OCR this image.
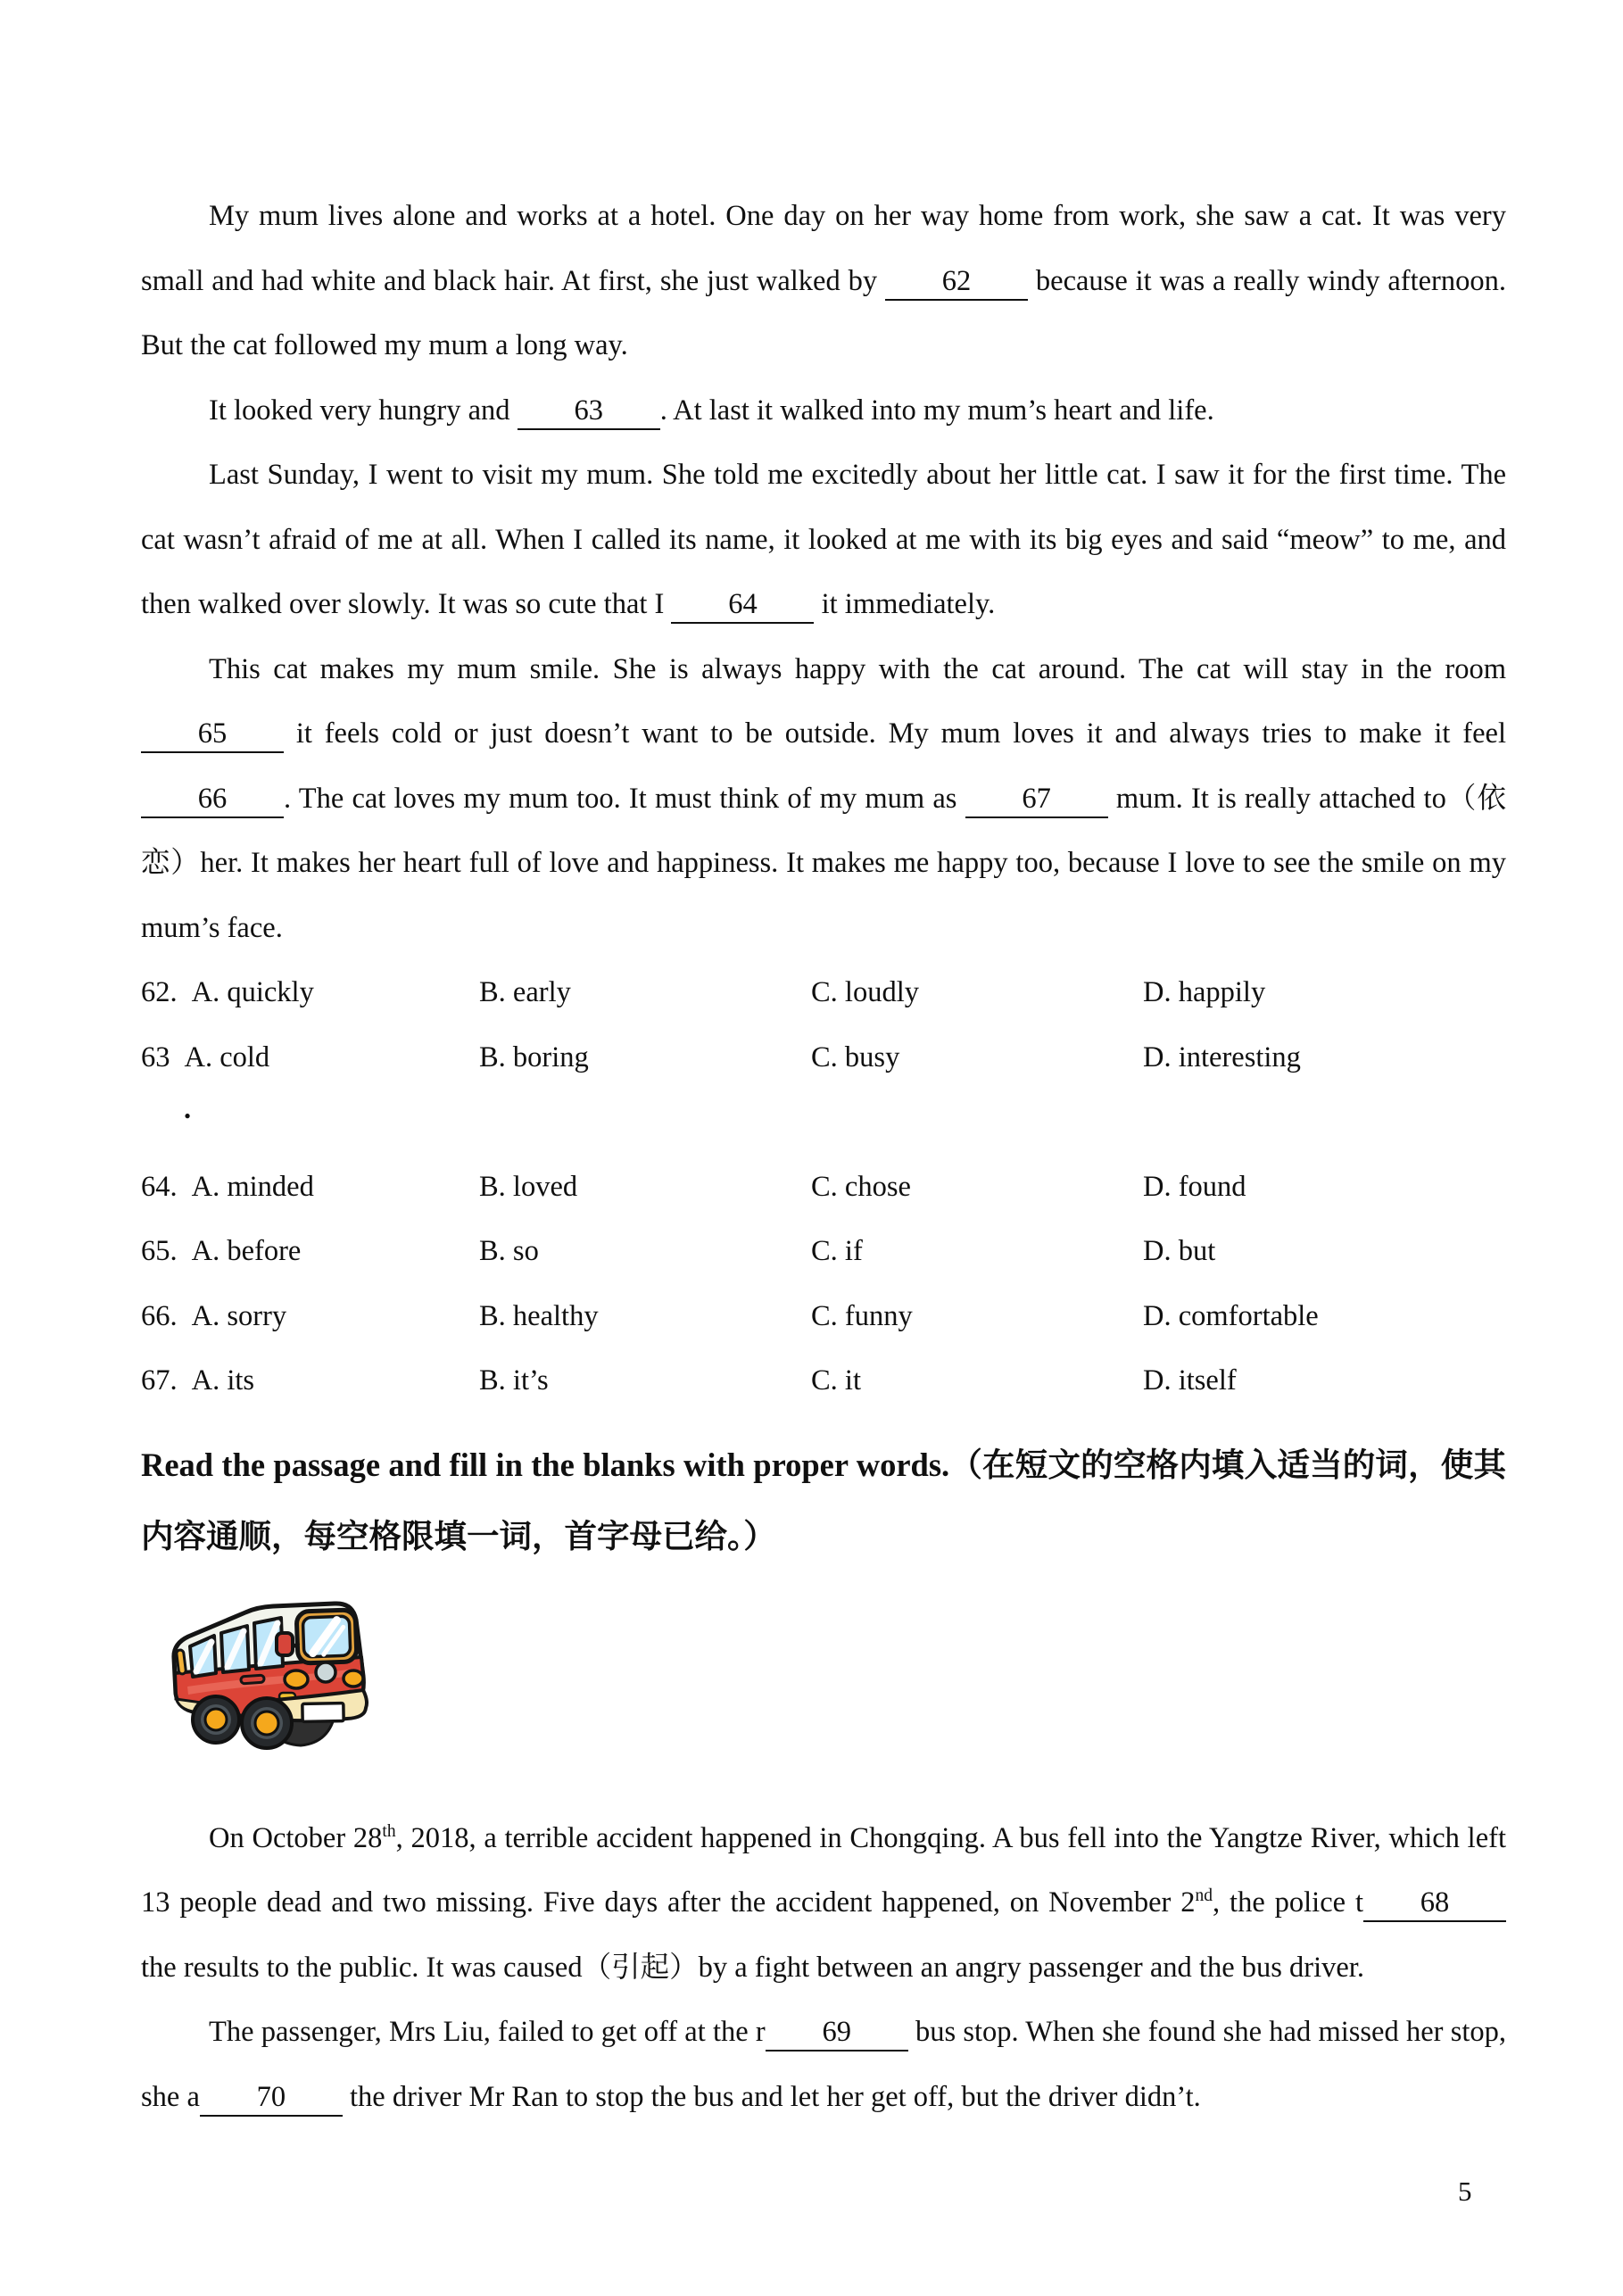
My mum lives alone and works at a hotel. One day on her way home from work, she saw a cat. It was very small and had white and black hair. At first, she just walked by 62 because it was a really windy afternoon. But the cat followed my mum a long way.

It looked very hungry and 63 . At last it walked into my mum’s heart and life.

Last Sunday, I went to visit my mum. She told me excitedly about her little cat. I saw it for the first time. The cat wasn’t afraid of me at all. When I called its name, it looked at me with its big eyes and said “meow” to me, and then walked over slowly. It was so cute that I 64 it immediately.

This cat makes my mum smile. She is always happy with the cat around. The cat will stay in the room 65 it feels cold or just doesn’t want to be outside. My mum loves it and always tries to make it feel 66 . The cat loves my mum too. It must think of my mum as 67 mum. It is really attached to（依恋）her. It makes her heart full of love and happiness. It makes me happy too, because I love to see the smile on my mum’s face.

62. A. quickly	B. early	C. loudly	D. happily
63 A. cold	B. boring	C. busy	D. interesting
.
64. A. minded	B. loved	C. chose	D. found
65. A. before	B. so	C. if	D. but
66. A. sorry	B. healthy	C. funny	D. comfortable
67. A. its	B. it’s	C. it	D. itself
Read the passage and fill in the blanks with proper words.（在短文的空格内填入适当的词，使其内容通顺，每空格限填一词，首字母已给。）

On October 28th, 2018, a terrible accident happened in Chongqing. A bus fell into the Yangtze River, which left 13 people dead and two missing. Five days after the accident happened, on November 2nd, the police t 68 the results to the public. It was caused（引起）by a fight between an angry passenger and the bus driver.

The passenger, Mrs Liu, failed to get off at the r 69 bus stop. When she found she had missed her stop, she a 70 the driver Mr Ran to stop the bus and let her get off, but the driver didn’t.

5
